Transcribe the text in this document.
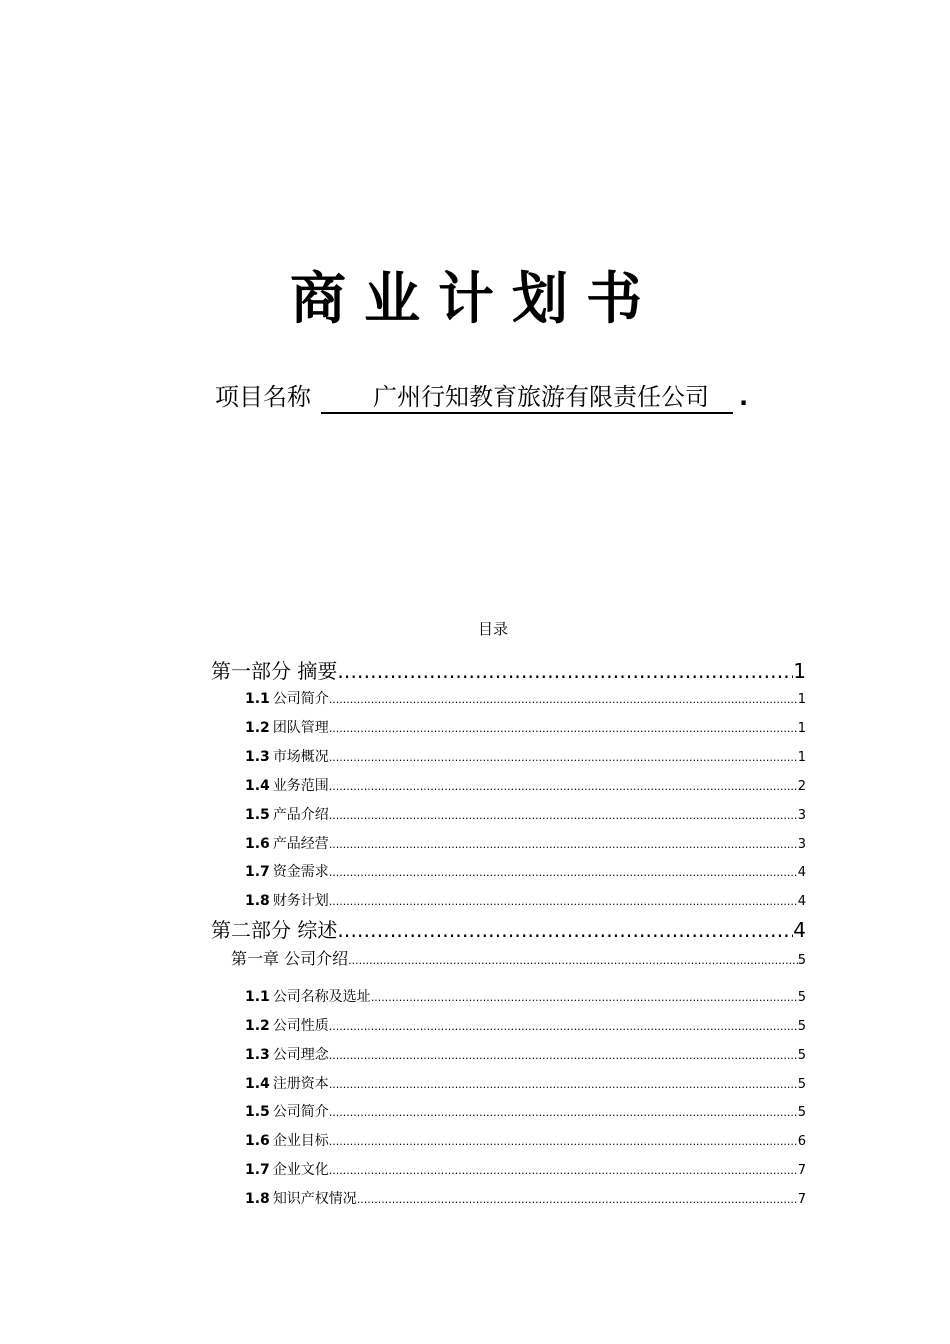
商业计划书
项目名称	广州行知教育旅游有限责任公司 .
目录
第一部分 摘要 .....	1
1.1 公司简介 .....	1
1.2 团队管理 .....	1
1.3 市场概况 .....	1
1.4 业务范围 .....	2
1.5 产品介绍 .....	3
1.6 产品经营 .....	3
1.7 资金需求 .....	4
1.8 财务计划 .....	4
第二部分 综述 .....	4
第一章 公司介绍 .....	5
1.1 公司名称及选址 .....	5
1.2 公司性质 .....	5
1.3 公司理念 .....	5
1.4 注册资本 .....	5
1.5 公司简介 .....	5
1.6 企业目标 .....	6
1.7 企业文化 .....	7
1.8 知识产权情况 .....	7
